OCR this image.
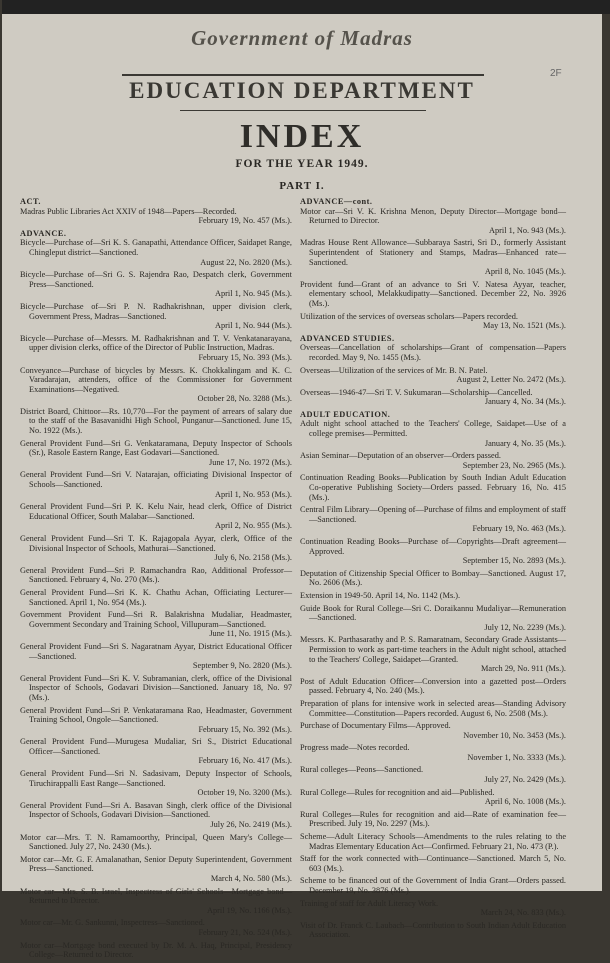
Government of Madras
2F
EDUCATION DEPARTMENT
INDEX
FOR THE YEAR 1949.
PART I.
ACT.
Madras Public Libraries Act XXIV of 1948—Papers—Recorded.
February 19, No. 457 (Ms.).
ADVANCE.
Bicycle—Purchase of—Sri K. S. Ganapathi, Attendance Officer, Saidapet Range, Chingleput district—Sanctioned.
August 22, No. 2820 (Ms.).
Bicycle—Purchase of—Sri G. S. Rajendra Rao, Despatch clerk, Government Press—Sanctioned.
April 1, No. 945 (Ms.).
Bicycle—Purchase of—Sri P. N. Radhakrishnan, upper division clerk, Government Press, Madras—Sanctioned.
April 1, No. 944 (Ms.).
Bicycle—Purchase of—Messrs. M. Radhakrishnan and T. V. Venkatanarayana, upper division clerks, office of the Director of Public Instruction, Madras.
February 15, No. 393 (Ms.).
Conveyance—Purchase of bicycles by Messrs. K. Chokkalingam and K. C. Varadarajan, attenders, office of the Commissioner for Government Examinations—Negatived.
October 28, No. 3288 (Ms.).
District Board, Chittoor—Rs. 10,770—For the payment of arrears of salary due to the staff of the Basavanidhi High School, Punganur—Sanctioned. June 15, No. 1922 (Ms.).
General Provident Fund—Sri G. Venkataramana, Deputy Inspector of Schools (Sr.), Rasole Eastern Range, East Godavari—Sanctioned.
June 17, No. 1972 (Ms.).
General Provident Fund—Sri V. Natarajan, officiating Divisional Inspector of Schools—Sanctioned.
April 1, No. 953 (Ms.).
General Provident Fund—Sri P. K. Kelu Nair, head clerk, Office of District Educational Officer, South Malabar—Sanctioned.
April 2, No. 955 (Ms.).
General Provident Fund—Sri T. K. Rajagopala Ayyar, clerk, Office of the Divisional Inspector of Schools, Mathurai—Sanctioned.
July 6, No. 2158 (Ms.).
General Provident Fund—Sri P. Ramachandra Rao, Additional Professor—Sanctioned. February 4, No. 270 (Ms.).
General Provident Fund—Sri K. K. Chathu Achan, Officiating Lecturer—Sanctioned. April 1, No. 954 (Ms.).
Government Provident Fund—Sri R. Balakrishna Mudaliar, Headmaster, Government Secondary and Training School, Villupuram—Sanctioned.
June 11, No. 1915 (Ms.).
General Provident Fund—Sri S. Nagaratnam Ayyar, District Educational Officer—Sanctioned.
September 9, No. 2820 (Ms.).
General Provident Fund—Sri K. V. Subramanian, clerk, office of the Divisional Inspector of Schools, Godavari Division—Sanctioned. January 18, No. 97 (Ms.).
General Provident Fund—Sri P. Venkataramana Rao, Headmaster, Government Training School, Ongole—Sanctioned.
February 15, No. 392 (Ms.).
General Provident Fund—Murugesa Mudaliar, Sri S., District Educational Officer—Sanctioned.
February 16, No. 417 (Ms.).
General Provident Fund—Sri N. Sadasivam, Deputy Inspector of Schools, Tiruchirappalli East Range—Sanctioned.
October 19, No. 3200 (Ms.).
General Provident Fund—Sri A. Basavan Singh, clerk office of the Divisional Inspector of Schools, Godavari Division—Sanctioned.
July 26, No. 2419 (Ms.).
Motor car—Mrs. T. N. Ramamoorthy, Principal, Queen Mary's College—Sanctioned. July 27, No. 2430 (Ms.).
Motor car—Mr. G. F. Amalanathan, Senior Deputy Superintendent, Government Press—Sanctioned.
March 4, No. 580 (Ms.).
Motor car—Mrs. S. B. Israel, Inspectress of Girls' Schools—Mortgage bond—Returned to Director.
April 19, No. 1166 (Ms.).
Motor car—Mr. G. Sankunni, Inspectress—Sanctioned.
February 21, No. 524 (Ms.).
Motor car—Mortgage bond executed by Dr. M. A. Haq, Principal, Presidency College—Returned to Director.
ADVANCE—cont.
Motor car—Sri V. K. Krishna Menon, Deputy Director—Mortgage bond—Returned to Director.
April 1, No. 943 (Ms.).
Madras House Rent Allowance—Subbaraya Sastri, Sri D., formerly Assistant Superintendent of Stationery and Stamps, Madras—Enhanced rate—Sanctioned.
April 8, No. 1045 (Ms.).
Provident fund—Grant of an advance to Sri V. Natesa Ayyar, teacher, elementary school, Melakkudipatty—Sanctioned. December 22, No. 3926 (Ms.).
Utilization of the services of overseas scholars—Papers recorded.
May 13, No. 1521 (Ms.).
ADVANCED STUDIES.
Overseas—Cancellation of scholarships—Grant of compensation—Papers recorded. May 9, No. 1455 (Ms.).
Overseas—Utilization of the services of Mr. B. N. Patel.
August 2, Letter No. 2472 (Ms.).
Overseas—1946-47—Sri T. V. Sukumaran—Scholarship—Cancelled.
January 4, No. 34 (Ms.).
ADULT EDUCATION.
Adult night school attached to the Teachers' College, Saidapet—Use of a college premises—Permitted.
January 4, No. 35 (Ms.).
Asian Seminar—Deputation of an observer—Orders passed.
September 23, No. 2965 (Ms.).
Continuation Reading Books—Publication by South Indian Adult Education Co-operative Publishing Society—Orders passed. February 16, No. 415 (Ms.).
Central Film Library—Opening of—Purchase of films and employment of staff—Sanctioned.
February 19, No. 463 (Ms.).
Continuation Reading Books—Purchase of—Copyrights—Draft agreement—Approved.
September 15, No. 2893 (Ms.).
Deputation of Citizenship Special Officer to Bombay—Sanctioned. August 17, No. 2606 (Ms.).
Extension in 1949-50. April 14, No. 1142 (Ms.).
Guide Book for Rural College—Sri C. Doraikannu Mudaliyar—Remuneration—Sanctioned.
July 12, No. 2239 (Ms.).
Messrs. K. Parthasarathy and P. S. Ramaratnam, Secondary Grade Assistants—Permission to work as part-time teachers in the Adult night school, attached to the Teachers' College, Saidapet—Granted.
March 29, No. 911 (Ms.).
Post of Adult Education Officer—Conversion into a gazetted post—Orders passed. February 4, No. 240 (Ms.).
Preparation of plans for intensive work in selected areas—Standing Advisory Committee—Constitution—Papers recorded. August 6, No. 2508 (Ms.).
Purchase of Documentary Films—Approved.
November 10, No. 3453 (Ms.).
Progress made—Notes recorded.
November 1, No. 3333 (Ms.).
Rural colleges—Peons—Sanctioned.
July 27, No. 2429 (Ms.).
Rural College—Rules for recognition and aid—Published.
April 6, No. 1008 (Ms.).
Rural Colleges—Rules for recognition and aid—Rate of examination fee—Prescribed. July 19, No. 2297 (Ms.).
Scheme—Adult Literacy Schools—Amendments to the rules relating to the Madras Elementary Education Act—Confirmed. February 21, No. 473 (P.).
Staff for the work connected with—Continuance—Sanctioned. March 5, No. 603 (Ms.).
Scheme to be financed out of the Government of India Grant—Orders passed. December 19, No. 3876 (Ms.).
Training of staff for Adult Literacy Work.
March 24, No. 833 (Ms.).
Visit of Dr. Franck C. Laubach—Contribution to South Indian Adult Education Association.
